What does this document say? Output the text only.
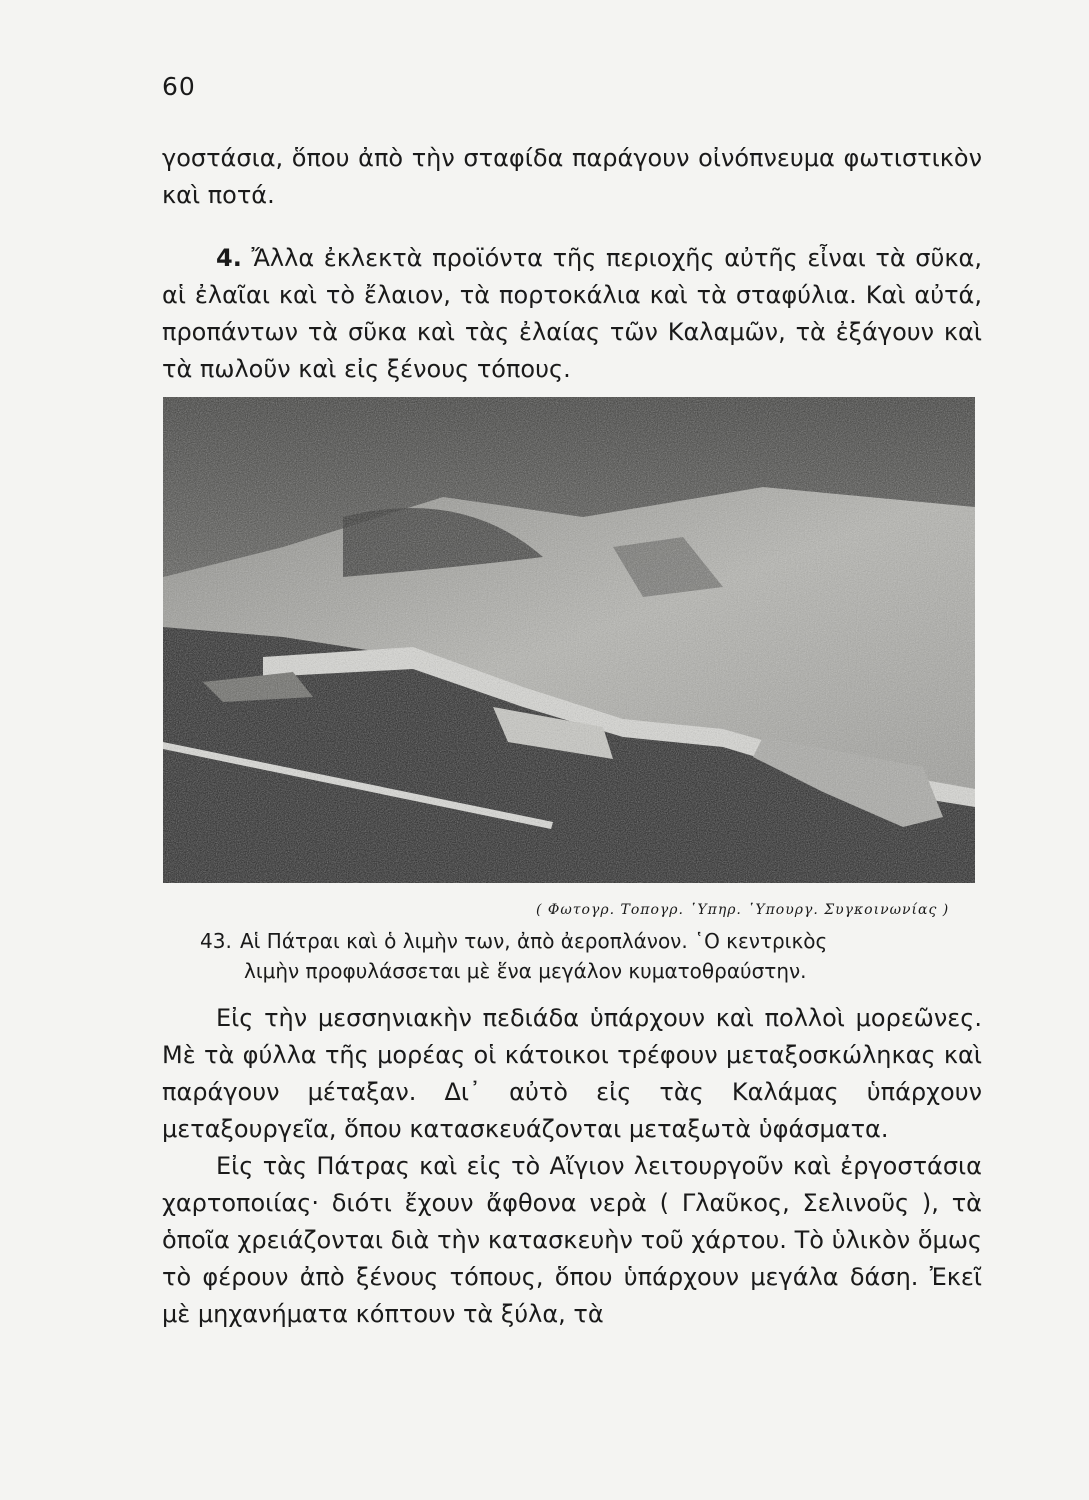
60

γοστάσια, ὅπου ἀπὸ τὴν σταφίδα παράγουν οἰνόπνευμα φωτιστικὸν καὶ ποτά.

4. Ἄλλα ἐκλεκτὰ προϊόντα τῆς περιοχῆς αὐτῆς εἶναι τὰ σῦκα, αἱ ἐλαῖαι καὶ τὸ ἔλαιον, τὰ πορτοκάλια καὶ τὰ σταφύλια. Καὶ αὐτά, προπάντων τὰ σῦκα καὶ τὰς ἐλαίας τῶν Καλαμῶν, τὰ ἐξάγουν καὶ τὰ πωλοῦν καὶ εἰς ξένους τόπους.

( Φωτογρ. Τοπογρ. ῾Υπηρ. ῾Υπουργ. Συγκοινωνίας )

43. Αἱ Πάτραι καὶ ὁ λιμὴν των, ἀπὸ ἀεροπλάνον. ῾Ο κεντρικὸς

λιμὴν προφυλάσσεται μὲ ἕνα μεγάλον κυματοθραύστην.

Εἰς τὴν μεσσηνιακὴν πεδιάδα ὑπάρχουν καὶ πολλοὶ μορεῶνες. Μὲ τὰ φύλλα τῆς μορέας οἱ κάτοικοι τρέφουν μεταξοσκώληκας καὶ παράγουν μέταξαν. Δι᾽ αὐτὸ εἰς τὰς Καλάμας ὑπάρχουν μεταξουργεῖα, ὅπου κατασκευάζονται μεταξωτὰ ὑφάσματα.

Εἰς τὰς Πάτρας καὶ εἰς τὸ Αἴγιον λειτουργοῦν καὶ ἐργοστάσια χαρτοποιίας· διότι ἔχουν ἄφθονα νερὰ ( Γλαῦκος, Σελινοῦς ), τὰ ὁποῖα χρειάζονται διὰ τὴν κατασκευὴν τοῦ χάρτου. Τὸ ὑλικὸν ὅμως τὸ φέρουν ἀπὸ ξένους τόπους, ὅπου ὑπάρχουν μεγάλα δάση. Ἐκεῖ μὲ μηχανήματα κόπτουν τὰ ξύλα, τὰ
